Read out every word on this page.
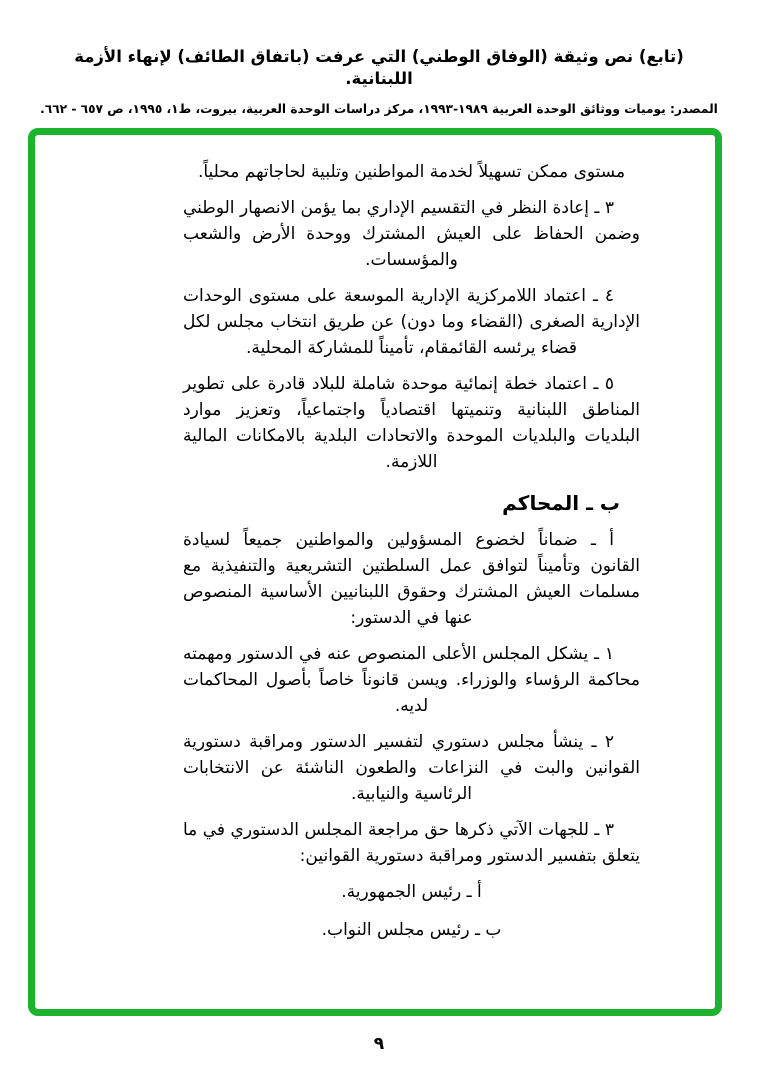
(تابع) نص وثيقة (الوفاق الوطني) التي عرفت (باتفاق الطائف) لإنهاء الأزمة اللبنانية.
المصدر: يوميات ووثائق الوحدة العربية ١٩٨٩-١٩٩٣، مركز دراسات الوحدة العربية، بيروت، ط١، ١٩٩٥، ص ٦٥٧ - ٦٦٢.

مستوى ممكن تسهيلاً لخدمة المواطنين وتلبية لحاجاتهم محلياً.

٣ ـ إعادة النظر في التقسيم الإداري بما يؤمن الانصهار الوطني وضمن الحفاظ على العيش المشترك ووحدة الأرض والشعب والمؤسسات.

٤ ـ اعتماد اللامركزية الإدارية الموسعة على مستوى الوحدات الإدارية الصغرى (القضاء وما دون) عن طريق انتخاب مجلس لكل قضاء يرئسه القائمقام، تأميناً للمشاركة المحلية.

٥ ـ اعتماد خطة إنمائية موحدة شاملة للبلاد قادرة على تطوير المناطق اللبنانية وتنميتها اقتصادياً واجتماعياً، وتعزيز موارد البلديات والبلديات الموحدة والاتحادات البلدية بالامكانات المالية اللازمة.

ب ـ المحاكم

أ ـ ضماناً لخضوع المسؤولين والمواطنين جميعاً لسيادة القانون وتأميناً لتوافق عمل السلطتين التشريعية والتنفيذية مع مسلمات العيش المشترك وحقوق اللبنانيين الأساسية المنصوص عنها في الدستور:

١ ـ يشكل المجلس الأعلى المنصوص عنه في الدستور ومهمته محاكمة الرؤساء والوزراء. ويسن قانوناً خاصاً بأصول المحاكمات لديه.

٢ ـ ينشأ مجلس دستوري لتفسير الدستور ومراقبة دستورية القوانين والبت في النزاعات والطعون الناشئة عن الانتخابات الرئاسية والنيابية.

٣ ـ للجهات الآتي ذكرها حق مراجعة المجلس الدستوري في ما يتعلق بتفسير الدستور ومراقبة دستورية القوانين:

أ ـ رئيس الجمهورية.

ب ـ رئيس مجلس النواب.

٩
